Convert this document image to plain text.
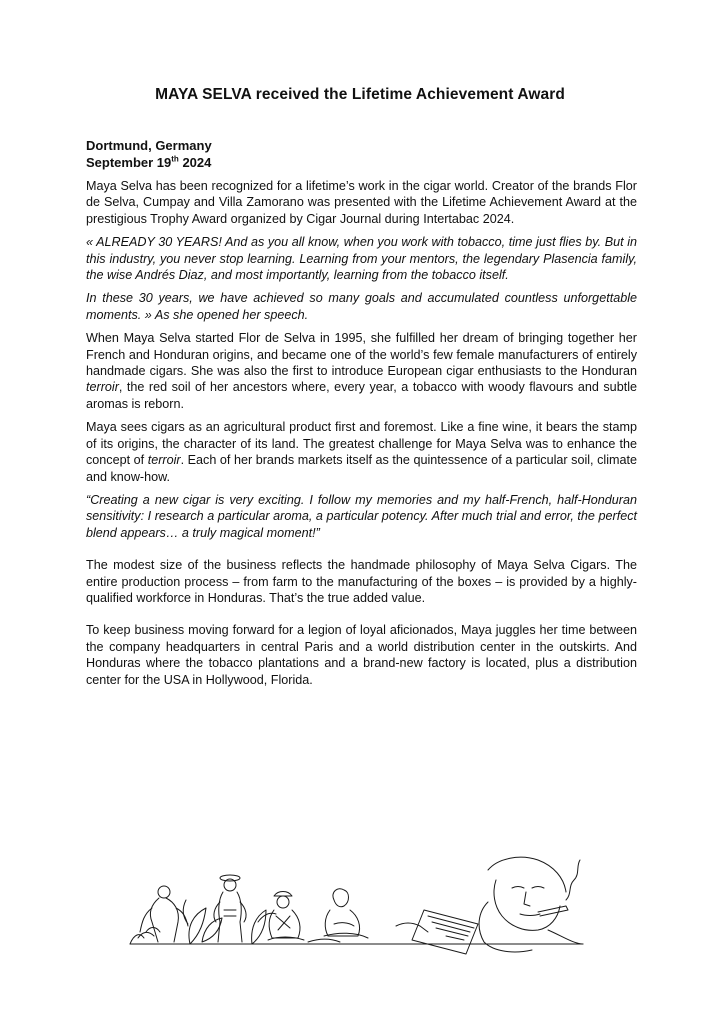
MAYA SELVA received the Lifetime Achievement Award
Dortmund, Germany
September 19th 2024

Maya Selva has been recognized for a lifetime’s work in the cigar world. Creator of the brands Flor de Selva, Cumpay and Villa Zamorano was presented with the Lifetime Achievement Award at the prestigious Trophy Award organized by Cigar Journal during Intertabac 2024.

« ALREADY 30 YEARS! And as you all know, when you work with tobacco, time just flies by. But in this industry, you never stop learning. Learning from your mentors, the legendary Plasencia family, the wise Andrés Diaz, and most importantly, learning from the tobacco itself.

In these 30 years, we have achieved so many goals and accumulated countless unforgettable moments. » As she opened her speech.

When Maya Selva started Flor de Selva in 1995, she fulfilled her dream of bringing together her French and Honduran origins, and became one of the world’s few female manufacturers of entirely handmade cigars. She was also the first to introduce European cigar enthusiasts to the Honduran terroir, the red soil of her ancestors where, every year, a tobacco with woody flavours and subtle aromas is reborn.

Maya sees cigars as an agricultural product first and foremost. Like a fine wine, it bears the stamp of its origins, the character of its land. The greatest challenge for Maya Selva was to enhance the concept of terroir. Each of her brands markets itself as the quintessence of a particular soil, climate and know-how.

“Creating a new cigar is very exciting. I follow my memories and my half-French, half-Honduran sensitivity: I research a particular aroma, a particular potency. After much trial and error, the perfect blend appears… a truly magical moment!”

The modest size of the business reflects the handmade philosophy of Maya Selva Cigars. The entire production process – from farm to the manufacturing of the boxes – is provided by a highly-qualified workforce in Honduras. That’s the true added value.

To keep business moving forward for a legion of loyal aficionados, Maya juggles her time between the company headquarters in central Paris and a world distribution center in the outskirts. And Honduras where the tobacco plantations and a brand-new factory is located, plus a distribution center for the USA in Hollywood, Florida.
